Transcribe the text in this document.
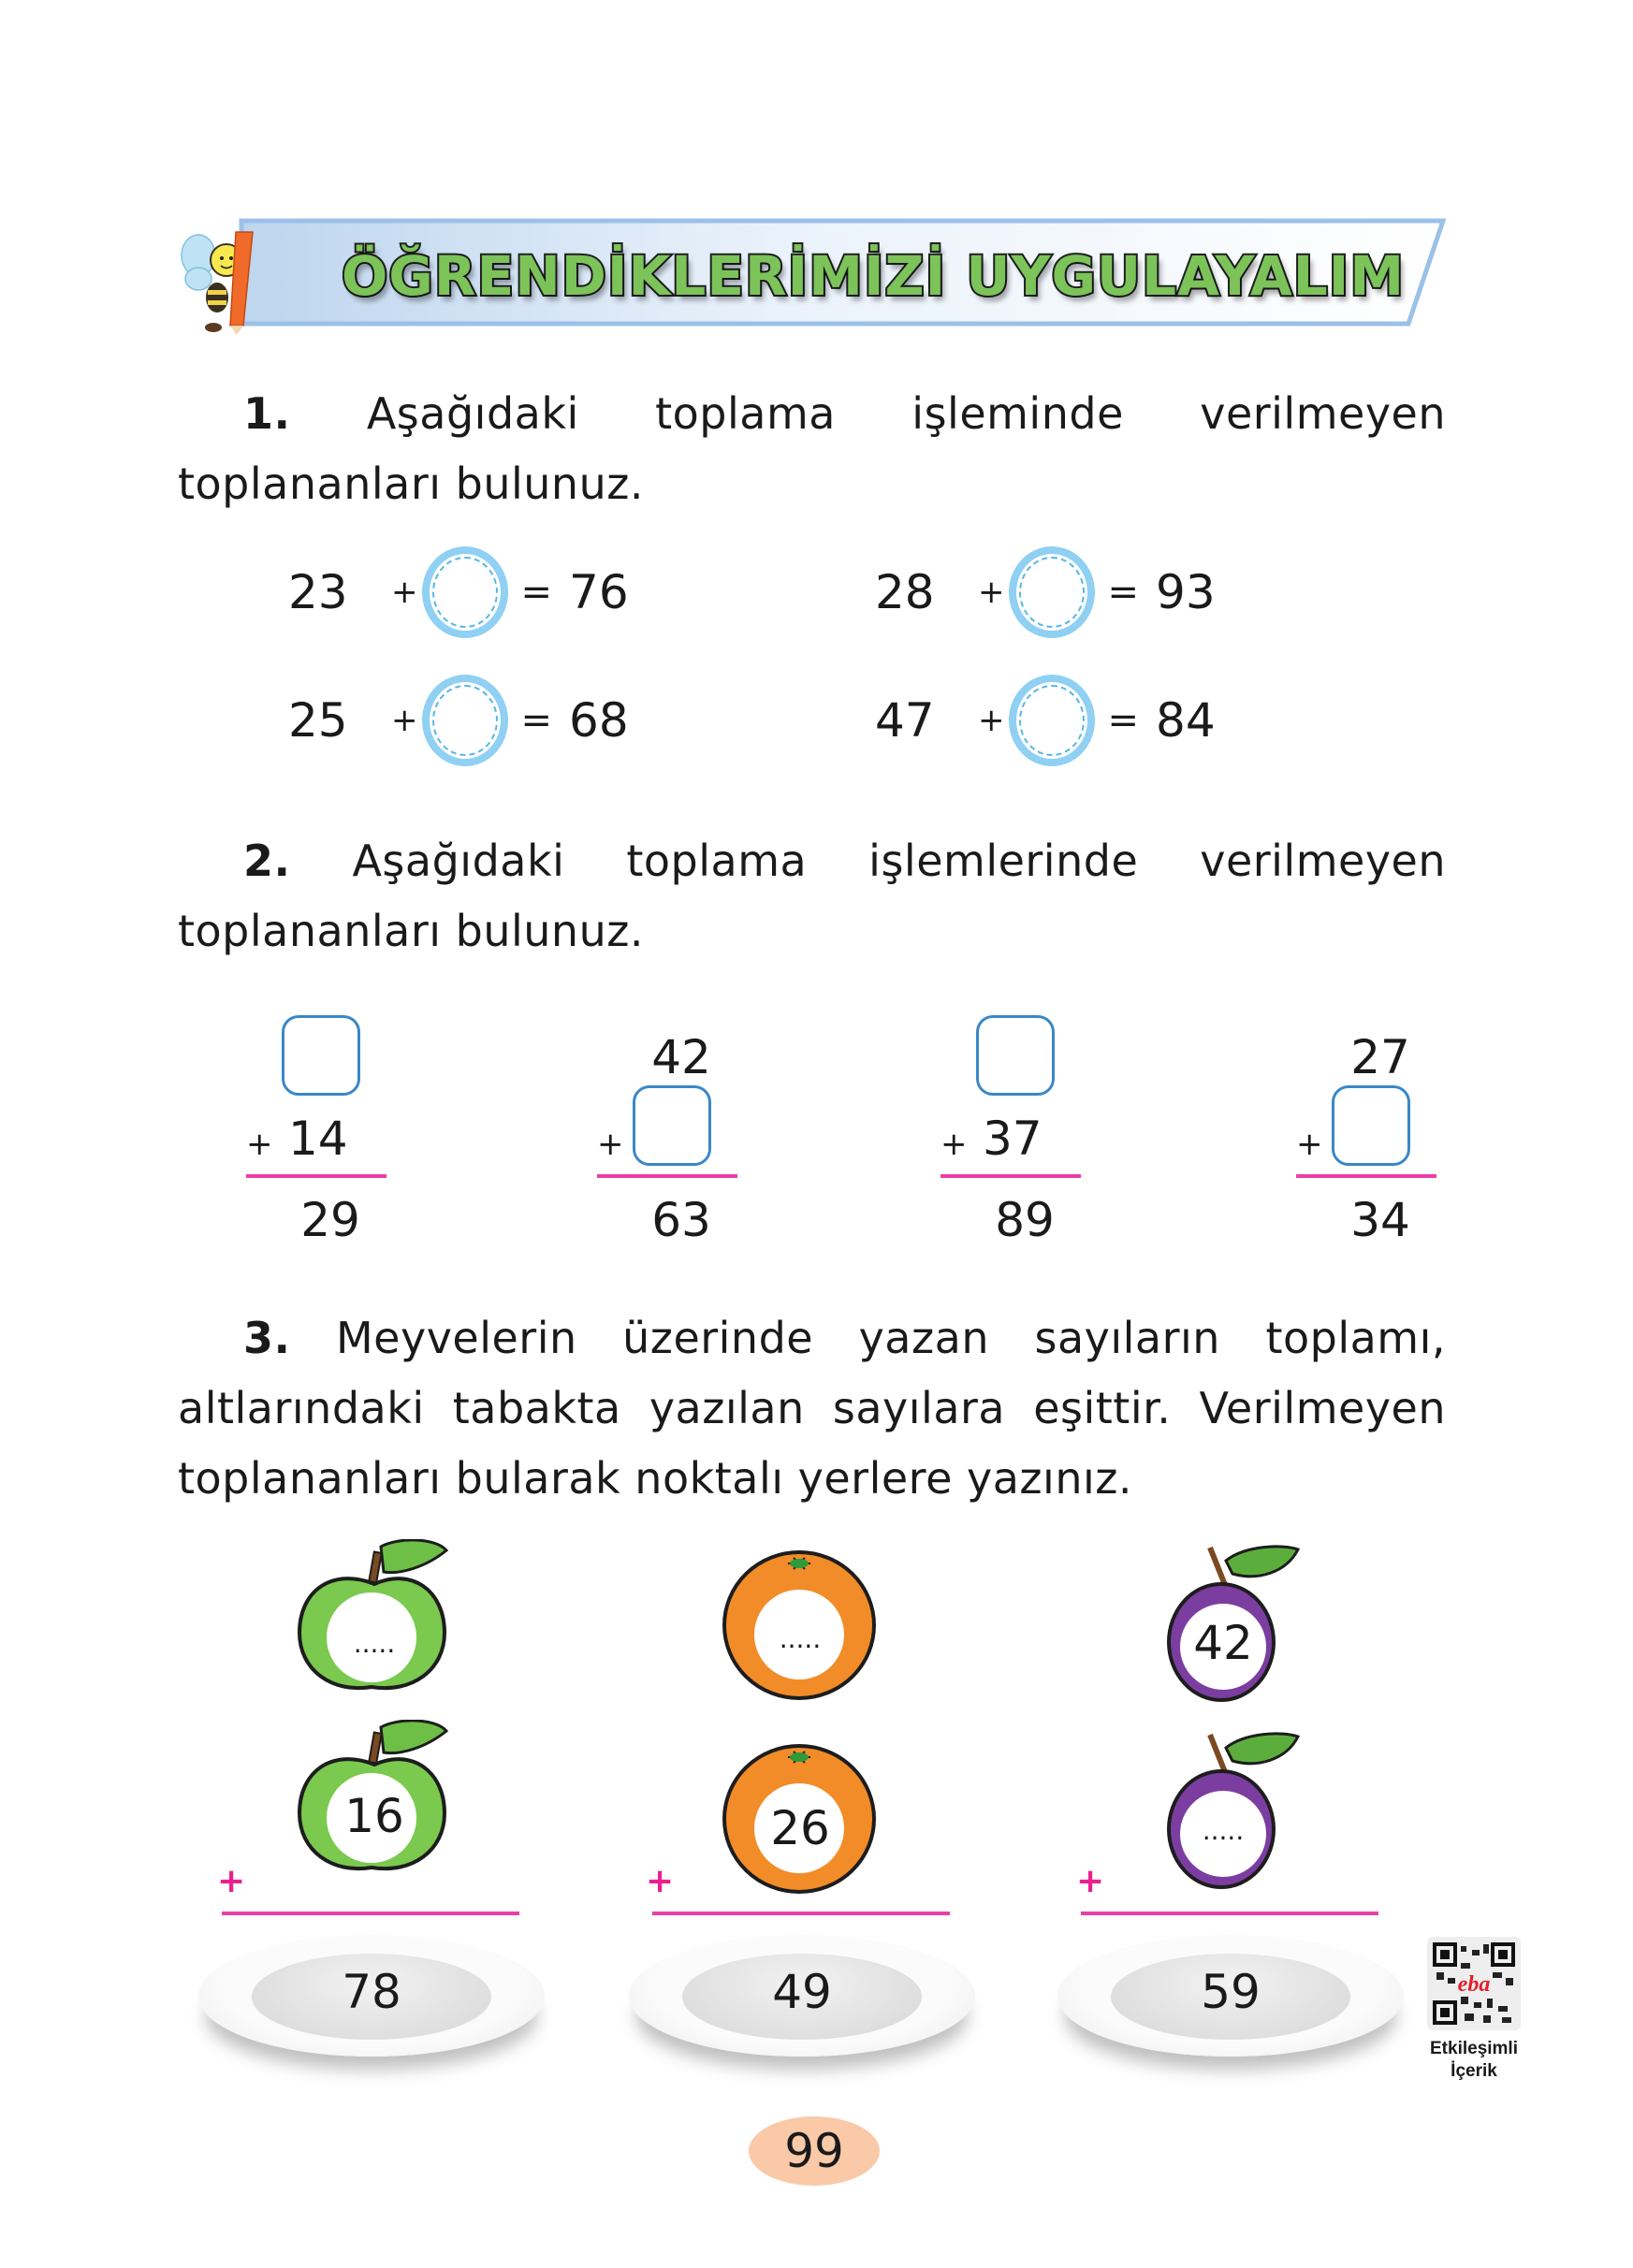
ÖĞRENDİKLERİMİZİ UYGULAYALIM
1. Aşağıdaki toplama işleminde verilmeyen toplananları bulunuz.
23	+	= 76	28	+	= 93
25	+	= 68	47	+	= 84
2. Aşağıdaki toplama işlemlerinde verilmeyen toplananları bulunuz.
+ 14
29
42
+
63
+ 37
89
27
+
34
3. Meyvelerin üzerinde yazan sayıların toplamı, altlarındaki tabakta yazılan sayılara eşittir. Verilmeyen toplananları bularak noktalı yerlere yazınız.
.....
16
+
.....
26
+
42
.....
+
78	49	59	eba
Etkileşimli
İçerik
99
